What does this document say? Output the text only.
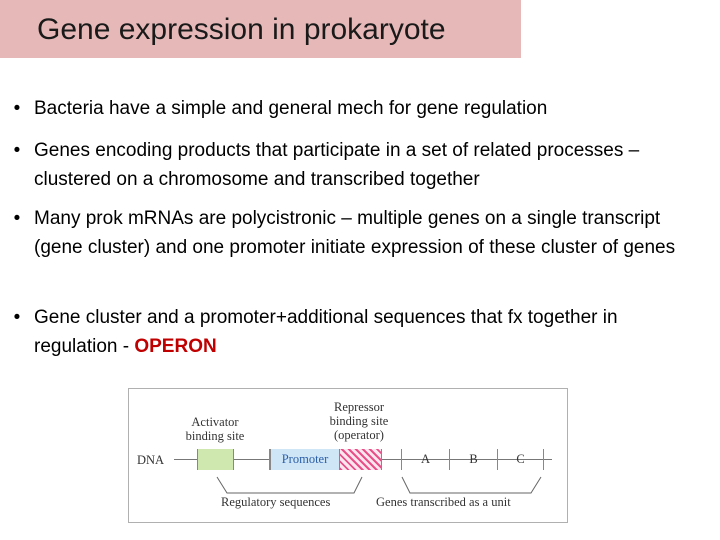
Gene expression in prokaryote
• Bacteria have a simple and general mech for gene regulation
• Genes encoding products that participate in a set of related processes – clustered on a chromosome and transcribed together
• Many prok mRNAs are polycistronic – multiple genes on a single transcript (gene cluster) and one promoter initiate expression of these cluster of genes
• Gene cluster and a promoter+additional sequences that fx together in regulation - OPERON
Activator
binding site
Repressor
binding site
(operator)
DNA	Promoter	A	B	C
Regulatory sequences	Genes transcribed as a unit
